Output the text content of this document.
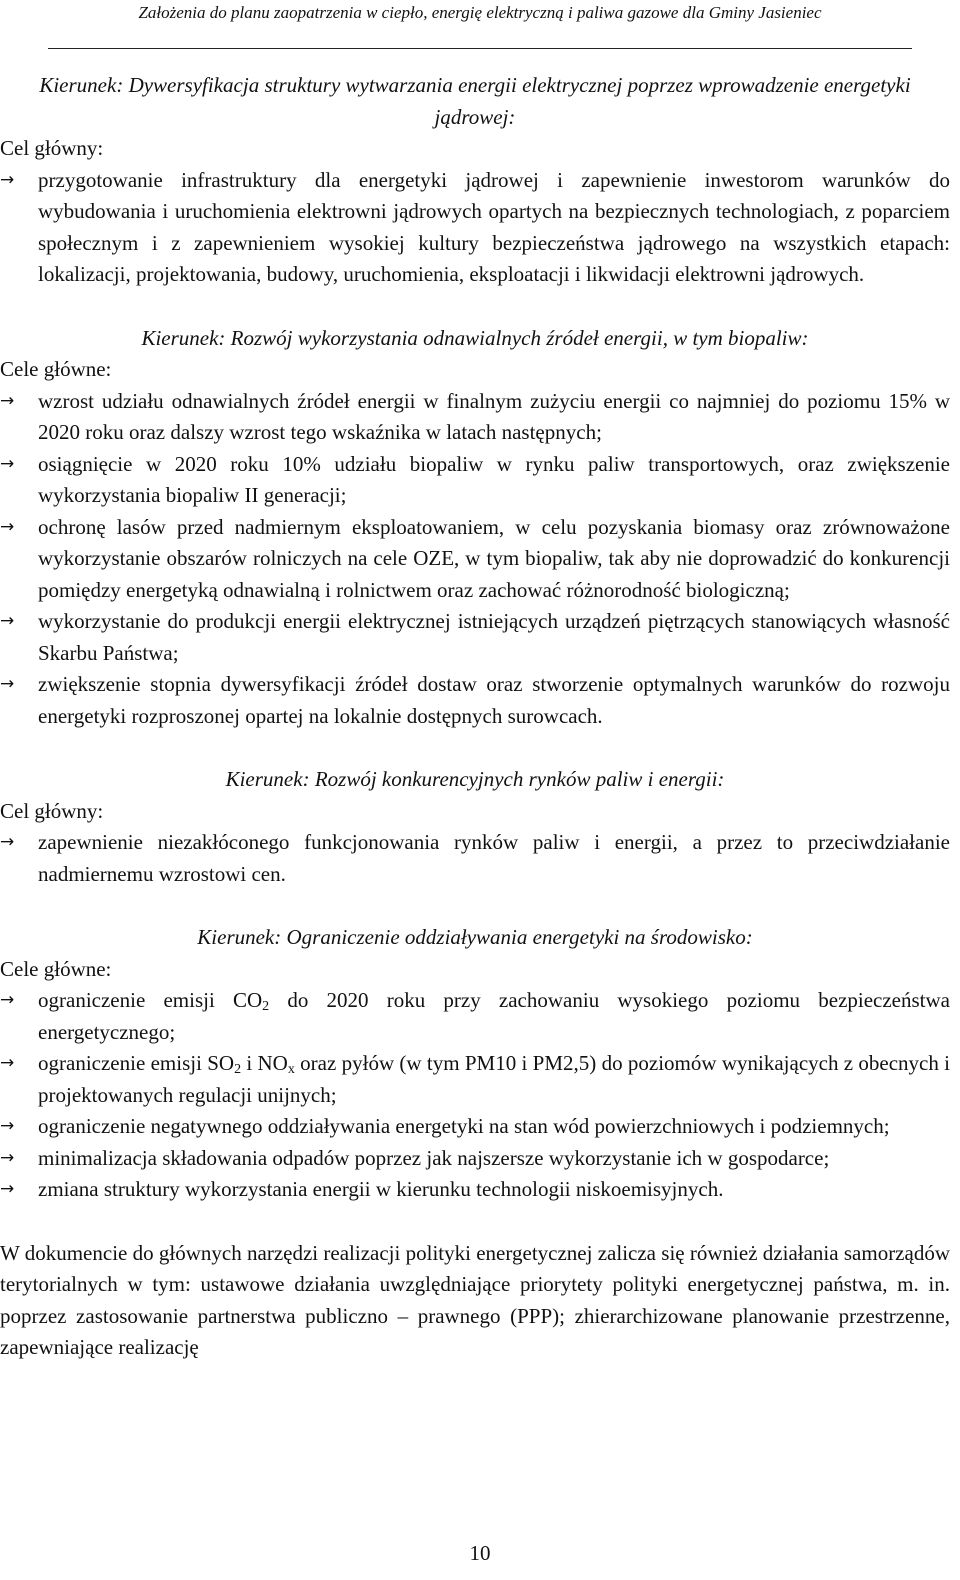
Założenia do planu zaopatrzenia w ciepło, energię elektryczną i paliwa gazowe dla Gminy Jasieniec

Kierunek: Dywersyfikacja struktury wytwarzania energii elektrycznej poprzez wprowadzenie energetyki jądrowej:

Cel główny:

→	przygotowanie infrastruktury dla energetyki jądrowej i zapewnienie inwestorom warunków do wybudowania i uruchomienia elektrowni jądrowych opartych na bezpiecznych technologiach, z poparciem społecznym i z zapewnieniem wysokiej kultury bezpieczeństwa jądrowego na wszystkich etapach: lokalizacji, projektowania, budowy, uruchomienia, eksploatacji i likwidacji elektrowni jądrowych.

Kierunek: Rozwój wykorzystania odnawialnych źródeł energii, w tym biopaliw:

Cele główne:

→	wzrost udziału odnawialnych źródeł energii w finalnym zużyciu energii co najmniej do poziomu 15% w 2020 roku oraz dalszy wzrost tego wskaźnika w latach następnych;
→	osiągnięcie w 2020 roku 10% udziału biopaliw w rynku paliw transportowych, oraz zwiększenie wykorzystania biopaliw II generacji;
→	ochronę lasów przed nadmiernym eksploatowaniem, w celu pozyskania biomasy oraz zrównoważone wykorzystanie obszarów rolniczych na cele OZE, w tym biopaliw, tak aby nie doprowadzić do konkurencji pomiędzy energetyką odnawialną i rolnictwem oraz zachować różnorodność biologiczną;
→	wykorzystanie do produkcji energii elektrycznej istniejących urządzeń piętrzących stanowiących własność Skarbu Państwa;
→	zwiększenie stopnia dywersyfikacji źródeł dostaw oraz stworzenie optymalnych warunków do rozwoju energetyki rozproszonej opartej na lokalnie dostępnych surowcach.

Kierunek: Rozwój konkurencyjnych rynków paliw i energii:

Cel główny:

→	zapewnienie niezakłóconego funkcjonowania rynków paliw i energii, a przez to przeciwdziałanie nadmiernemu wzrostowi cen.

Kierunek: Ograniczenie oddziaływania energetyki na środowisko:

Cele główne:

→	ograniczenie emisji $CO_2$ do 2020 roku przy zachowaniu wysokiego poziomu bezpieczeństwa energetycznego;
→	ograniczenie emisji $SO_2$ i $NO_x$ oraz pyłów (w tym PM10 i PM2,5) do poziomów wynikających z obecnych i projektowanych regulacji unijnych;
→	ograniczenie negatywnego oddziaływania energetyki na stan wód powierzchniowych i podziemnych;
→	minimalizacja składowania odpadów poprzez jak najszersze wykorzystanie ich w gospodarce;
→	zmiana struktury wykorzystania energii w kierunku technologii niskoemisyjnych.

W dokumencie do głównych narzędzi realizacji polityki energetycznej zalicza się również działania samorządów terytorialnych w tym: ustawowe działania uwzględniające priorytety polityki energetycznej państwa, m. in. poprzez zastosowanie partnerstwa publiczno – prawnego (PPP); zhierarchizowane planowanie przestrzenne, zapewniające realizację

10
